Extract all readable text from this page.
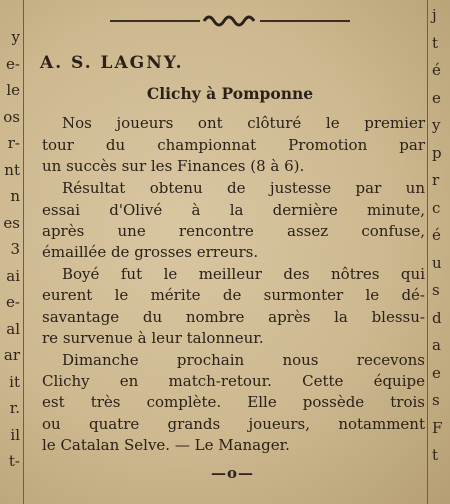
y
e-
le
os
r-
nt
n
es
3
ai
e-
al
ar
it
r.
il
t-
j
t
é
e
y
p
r
c
é
u
s
d
a
e
s
F
t
A. S. LAGNY.
Clichy à Pomponne
Nos joueurs ont clôturé le premier
tour du championnat Promotion par
un succès sur les Finances (8 à 6).
Résultat obtenu de justesse par un
essai d'Olivé à la dernière minute,
après une rencontre assez confuse,
émaillée de grosses erreurs.
Boyé fut le meilleur des nôtres qui
eurent le mérite de surmonter le dé-
savantage du nombre après la blessu-
re survenue à leur talonneur.
Dimanche prochain nous recevons
Clichy en match-retour. Cette équipe
est très complète. Elle possède trois
ou quatre grands joueurs, notamment
le Catalan Selve. — Le Manager.
—o—
